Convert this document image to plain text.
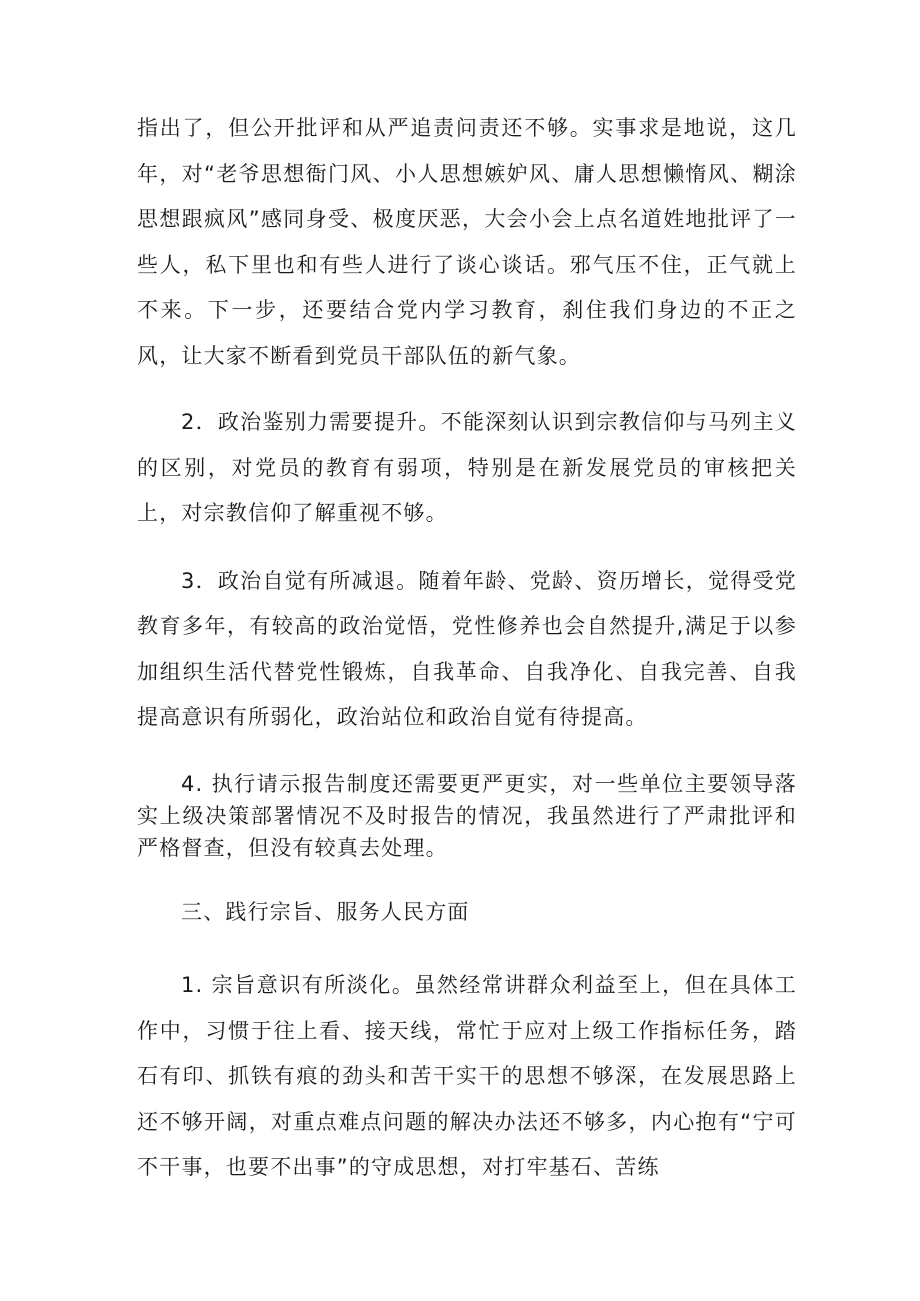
指出了，但公开批评和从严追责问责还不够。实事求是地说，这几年，对“老爷思想衙门风、小人思想嫉妒风、庸人思想懒惰风、糊涂思想跟疯风”感同身受、极度厌恶，大会小会上点名道姓地批评了一些人，私下里也和有些人进行了谈心谈话。邪气压不住，正气就上不来。下一步，还要结合党内学习教育，刹住我们身边的不正之风，让大家不断看到党员干部队伍的新气象。

2．政治鉴别力需要提升。不能深刻认识到宗教信仰与马列主义的区别，对党员的教育有弱项，特别是在新发展党员的审核把关上，对宗教信仰了解重视不够。

3．政治自觉有所减退。随着年龄、党龄、资历增长，觉得受党教育多年，有较高的政治觉悟，党性修养也会自然提升,满足于以参加组织生活代替党性锻炼，自我革命、自我净化、自我完善、自我提高意识有所弱化，政治站位和政治自觉有待提高。

4. 执行请示报告制度还需要更严更实，对一些单位主要领导落实上级决策部署情况不及时报告的情况，我虽然进行了严肃批评和严格督查，但没有较真去处理。

三、践行宗旨、服务人民方面

1. 宗旨意识有所淡化。虽然经常讲群众利益至上，但在具体工作中，习惯于往上看、接天线，常忙于应对上级工作指标任务，踏石有印、抓铁有痕的劲头和苦干实干的思想不够深，在发展思路上还不够开阔，对重点难点问题的解决办法还不够多，内心抱有“宁可不干事，也要不出事”的守成思想，对打牢基石、苦练
